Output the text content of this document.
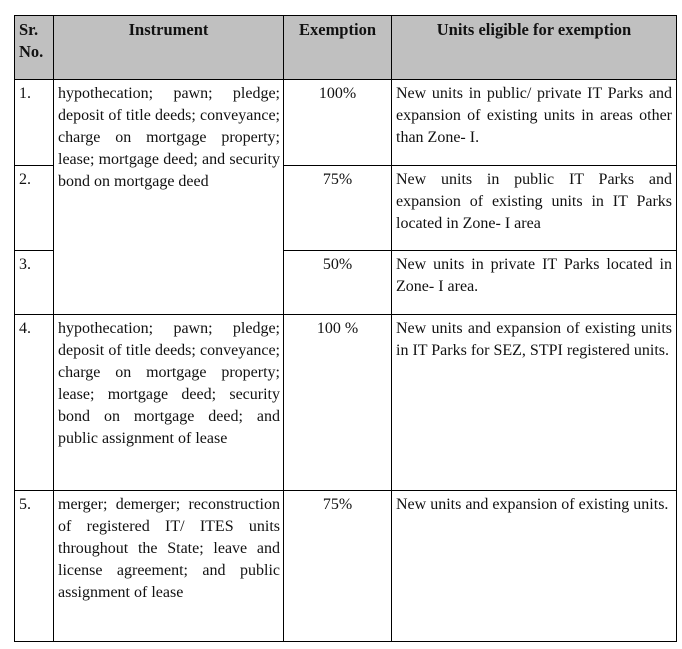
Sr. No.	Instrument	Exemption	Units eligible for exemption
1.	hypothecation; pawn; pledge; deposit of title deeds; conveyance; charge on mortgage property; lease; mortgage deed; and security bond on mortgage deed	100%	New units in public/ private IT Parks and expansion of existing units in areas other than Zone- I.
2.		75%	New units in public IT Parks and expansion of existing units in IT Parks located in Zone- I area
3.		50%	New units in private IT Parks located in Zone- I area.
4.	hypothecation; pawn; pledge; deposit of title deeds; conveyance; charge on mortgage property; lease; mortgage deed; security bond on mortgage deed; and public assignment of lease	100 %	New units and expansion of existing units in IT Parks for SEZ, STPI registered units.
5.	merger; demerger; reconstruction of registered IT/ ITES units throughout the State; leave and license agreement; and public assignment of lease	75%	New units and expansion of existing units.
